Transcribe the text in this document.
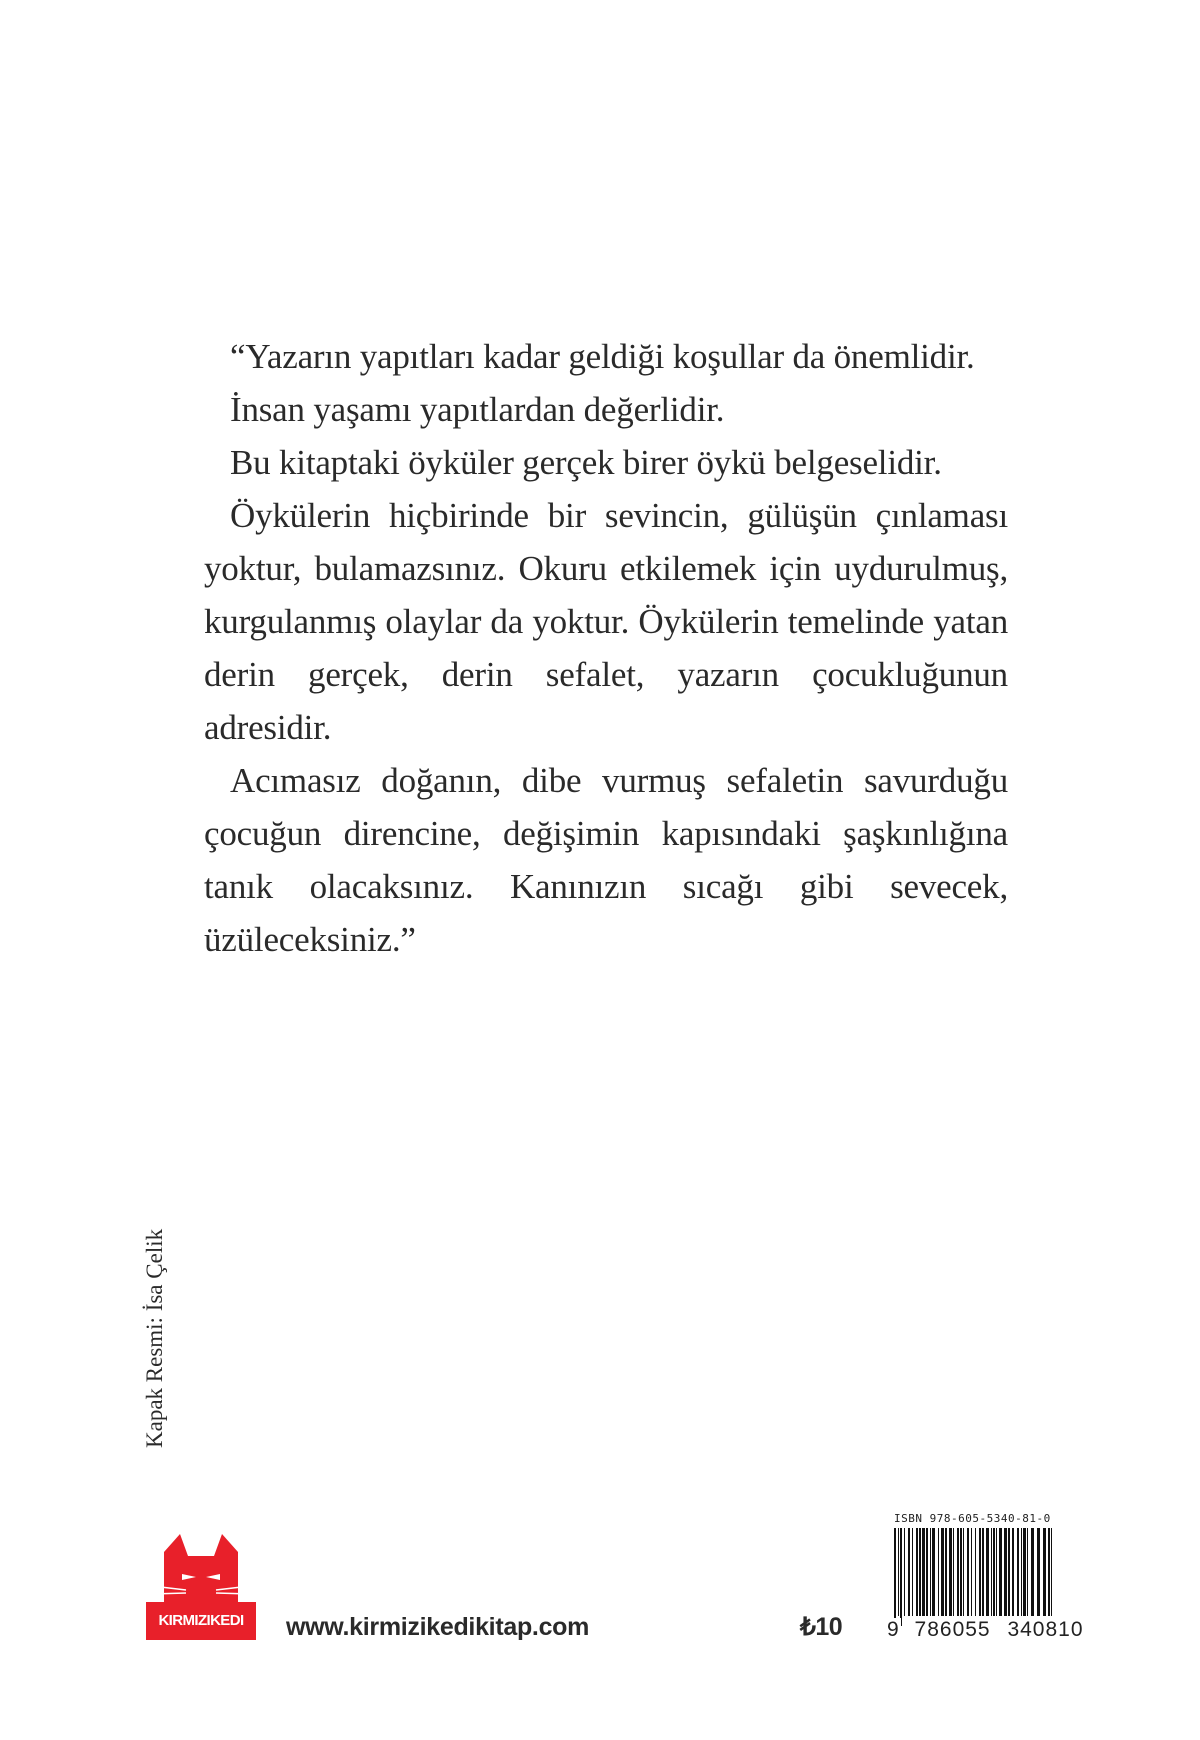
“Yazarın yapıtları kadar geldiği koşullar da önemlidir.

İnsan yaşamı yapıtlardan değerlidir.

Bu kitaptaki öyküler gerçek birer öykü belgeselidir.

Öykülerin hiçbirinde bir sevincin, gülüşün çınlaması yoktur, bulamazsınız. Okuru etkilemek için uydurulmuş, kurgulanmış olaylar da yoktur. Öykülerin temelinde yatan derin gerçek, derin sefalet, yazarın çocukluğunun adresidir.

Acımasız doğanın, dibe vurmuş sefaletin savurduğu çocuğun direncine, değişimin kapısındaki şaşkınlığına tanık olacaksınız. Kanınızın sıcağı gibi sevecek, üzüleceksiniz.”

Kapak Resmi: İsa Çelik
KIRMIZIKEDI	www.kirmizikedikitap.com	₺10
ISBN 978-605-5340-81-0
9 786055 340810
